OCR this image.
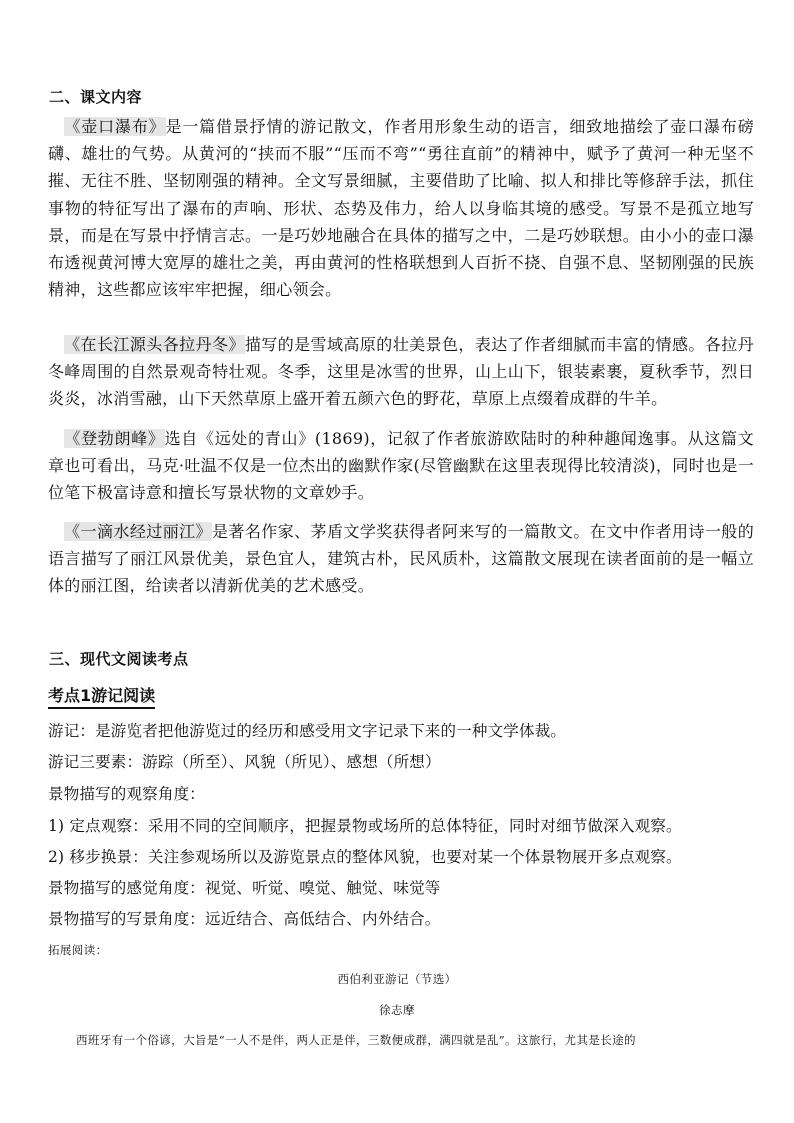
二、课文内容
《壶口瀑布》是一篇借景抒情的游记散文，作者用形象生动的语言，细致地描绘了壶口瀑布磅礴、雄壮的气势。从黄河的“挟而不服”“压而不弯”“勇往直前”的精神中，赋予了黄河一种无坚不摧、无往不胜、坚韧刚强的精神。全文写景细腻，主要借助了比喻、拟人和排比等修辞手法，抓住事物的特征写出了瀑布的声响、形状、态势及伟力，给人以身临其境的感受。写景不是孤立地写景，而是在写景中抒情言志。一是巧妙地融合在具体的描写之中，二是巧妙联想。由小小的壶口瀑布透视黄河博大宽厚的雄壮之美，再由黄河的性格联想到人百折不挠、自强不息、坚韧刚强的民族精神，这些都应该牢牢把握，细心领会。
《在长江源头各拉丹冬》描写的是雪域高原的壮美景色，表达了作者细腻而丰富的情感。各拉丹冬峰周围的自然景观奇特壮观。冬季，这里是冰雪的世界，山上山下，银装素裹，夏秋季节，烈日炎炎，冰消雪融，山下天然草原上盛开着五颜六色的野花，草原上点缀着成群的牛羊。
《登勃朗峰》选自《远处的青山》(1869)，记叙了作者旅游欧陆时的种种趣闻逸事。从这篇文章也可看出，马克·吐温不仅是一位杰出的幽默作家(尽管幽默在这里表现得比较清淡)，同时也是一位笔下极富诗意和擅长写景状物的文章妙手。
《一滴水经过丽江》是著名作家、茅盾文学奖获得者阿来写的一篇散文。在文中作者用诗一般的语言描写了丽江风景优美，景色宜人，建筑古朴，民风质朴，这篇散文展现在读者面前的是一幅立体的丽江图，给读者以清新优美的艺术感受。
三、现代文阅读考点
考点1游记阅读
游记：是游览者把他游览过的经历和感受用文字记录下来的一种文学体裁。
游记三要素：游踪（所至）、风貌（所见）、感想（所想）
景物描写的观察角度：
1) 定点观察：采用不同的空间顺序，把握景物或场所的总体特征，同时对细节做深入观察。
2) 移步换景：关注参观场所以及游览景点的整体风貌，也要对某一个体景物展开多点观察。
景物描写的感觉角度：视觉、听觉、嗅觉、触觉、味觉等
景物描写的写景角度：远近结合、高低结合、内外结合。
拓展阅读：
西伯利亚游记（节选）
徐志摩
西班牙有一个俗谚，大旨是“一人不是伴，两人正是伴，三数便成群，满四就是乱”。这旅行，尤其是长途的
